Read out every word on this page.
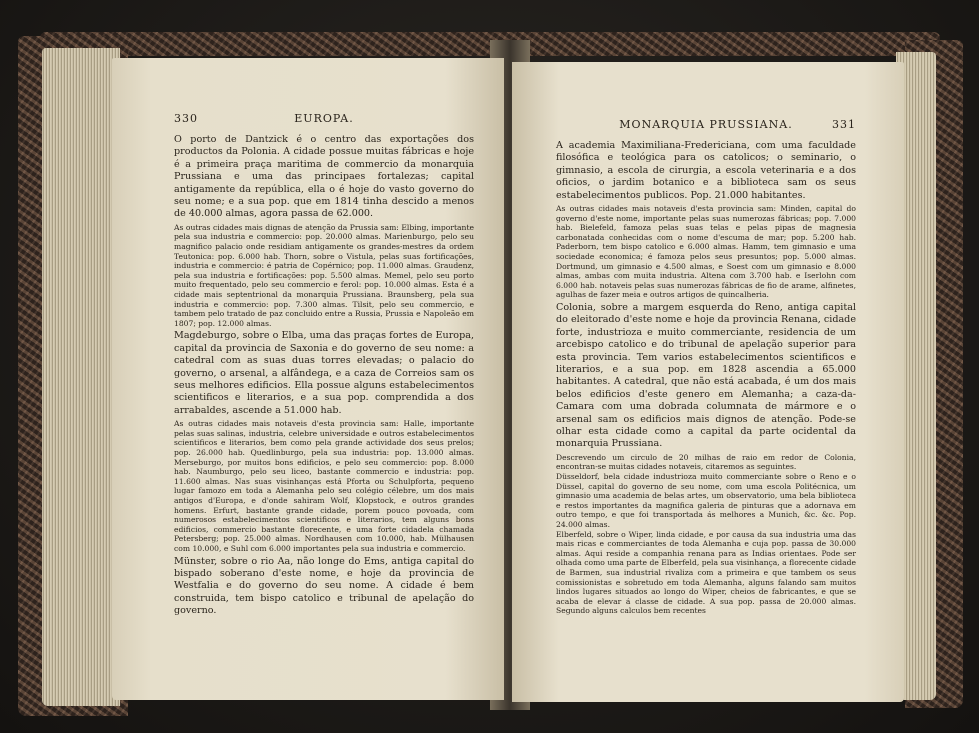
330	EUROPA.

O porto de Dantzick é o centro das exportações dos productos da Polonia. A cidade possue muitas fábricas e hoje é a primeira praça maritima de commercio da monarquia Prussiana e uma das principaes fortalezas; capital antigamente da república, ella o é hoje do vasto governo do seu nome; e a sua pop. que em 1814 tinha descido a menos de 40.000 almas, agora passa de 62.000.

As outras cidades mais dignas de atenção da Prussia sam: Elbing, importante pela sua industria e commercio: pop. 20.000 almas. Marienburgo, pelo seu magnifico palacio onde residiam antigamente os grandes-mestres da ordem Teutonica: pop. 6.000 hab. Thorn, sobre o Vistula, pelas suas fortificações, industria e commercio: é patria de Copérnico; pop. 11.000 almas. Graudenz, pela sua industria e fortificações: pop. 5.500 almas. Memel, pelo seu porto muito frequentado, pelo seu commercio e ferol: pop. 10.000 almas. Esta é a cidade mais septentrional da monarquia Prussiana. Braunsberg, pela sua industria e commercio: pop. 7.300 almas. Tilsit, pelo seu commercio, e tambem pelo tratado de paz concluido entre a Russia, Prussia e Napoleão em 1807; pop. 12.000 almas.

Magdeburgo, sobre o Elba, uma das praças fortes de Europa, capital da provincia de Saxonia e do governo de seu nome: a catedral com as suas duas torres elevadas; o palacio do governo, o arsenal, a alfândega, e a caza de Correios sam os seus melhores edificios. Ella possue alguns estabelecimentos scientificos e literarios, e a sua pop. comprendida a dos arrabaldes, ascende a 51.000 hab.

As outras cidades mais notaveis d'esta provincia sam: Halle, importante pelas suas salinas, industria, celebre universidade e outros estabelecimentos scientificos e literarios, bem como pela grande actividade dos seus prelos; pop. 26.000 hab. Quedlinburgo, pela sua industria: pop. 13.000 almas. Merseburgo, por muitos bons edificios, e pelo seu commercio: pop. 8.000 hab. Naumburgo, pelo seu liceo, bastante commercio e industria: pop. 11.600 almas. Nas suas visinhanças está Pforta ou Schulpforta, pequeno lugar famozo em toda a Alemanha pelo seu colégio célebre, um dos mais antigos d'Europa, e d'onde sahiram Wolf, Klopstock, e outros grandes homens. Erfurt, bastante grande cidade, porem pouco povoada, com numerosos estabelecimentos scientificos e literarios, tem alguns bons edificios, commercio bastante florecente, e uma forte cidadela chamada Petersberg; pop. 25.000 almas. Nordhausen com 10.000, hab. Mülhausen com 10.000, e Suhl com 6.000 importantes pela sua industria e commercio.

Münster, sobre o rio Aa, não longe do Ems, antiga capital do bispado soberano d'este nome, e hoje da provincia de Westfalia e do governo do seu nome. A cidade é bem construida, tem bispo catolico e tribunal de apelação do governo.

MONARQUIA PRUSSIANA.	331

A academia Maximiliana-Fredericiana, com uma faculdade filosófica e teológica para os catolicos; o seminario, o gimnasio, a escola de cirurgia, a escola veterinaria e a dos oficios, o jardim botanico e a biblioteca sam os seus estabelecimentos publicos. Pop. 21.000 habitantes.

As outras cidades mais notaveis d'esta provincia sam: Minden, capital do governo d'este nome, importante pelas suas numerozas fábricas; pop. 7.000 hab. Bielefeld, famoza pelas suas telas e pelas pipas de magnesia carbonatada conhecidas com o nome d'escuma de mar; pop. 5.200 hab. Paderborn, tem bispo catolico e 6.000 almas. Hamm, tem gimnasio e uma sociedade economica; é famoza pelos seus presuntos; pop. 5.000 almas. Dortmund, um gimnasio e 4.500 almas, e Soest com um gimnasio e 8.000 almas, ambas com muita industria. Altena com 3.700 hab. e Iserlohn com 6.000 hab. notaveis pelas suas numerozas fábricas de fio de arame, alfinetes, agulhas de fazer meia e outros artigos de quincalheria.

Colonia, sobre a margem esquerda do Reno, antiga capital do eleitorado d'este nome e hoje da provincia Renana, cidade forte, industrioza e muito commerciante, residencia de um arcebispo catolico e do tribunal de apelação superior para esta provincia. Tem varios estabelecimentos scientificos e literarios, e a sua pop. em 1828 ascendia a 65.000 habitantes. A catedral, que não está acabada, é um dos mais belos edificios d'este genero em Alemanha; a caza-da-Camara com uma dobrada columnata de mármore e o arsenal sam os edificios mais dignos de atenção. Pode-se olhar esta cidade como a capital da parte ocidental da monarquia Prussiana.

Descrevendo um circulo de 20 milhas de raio em redor de Colonia, encontran-se muitas cidades notaveis, citaremos as seguintes.

Düsseldorf, bela cidade industrioza muito commerciante sobre o Reno e o Düssel, capital do governo de seu nome, com uma escola Politécnica, um gimnasio uma academia de belas artes, um observatorio, uma bela biblioteca e restos importantes da magnifica galeria de pinturas que a adornava em outro tempo, e que foi transportada ás melhores a Munich, &c. &c. Pop. 24.000 almas.

Elberfeld, sobre o Wiper, linda cidade, e por causa da sua industria uma das mais ricas e commerciantes de toda Alemanha e cuja pop. passa de 30.000 almas. Aqui reside a companhia renana para as Indias orientaes. Pode ser olhada como uma parte de Elberfeld, pela sua visinhança, a florecente cidade de Barmen, sua industrial rivaliza com a primeira e que tambem os seus comissionistas e sobretudo em toda Alemanha, alguns falando sam muitos lindos lugares situados ao longo do Wiper, cheios de fabricantes, e que se acaba de elevar á classe de cidade. A sua pop. passa de 20.000 almas. Segundo alguns calculos bem recentes
